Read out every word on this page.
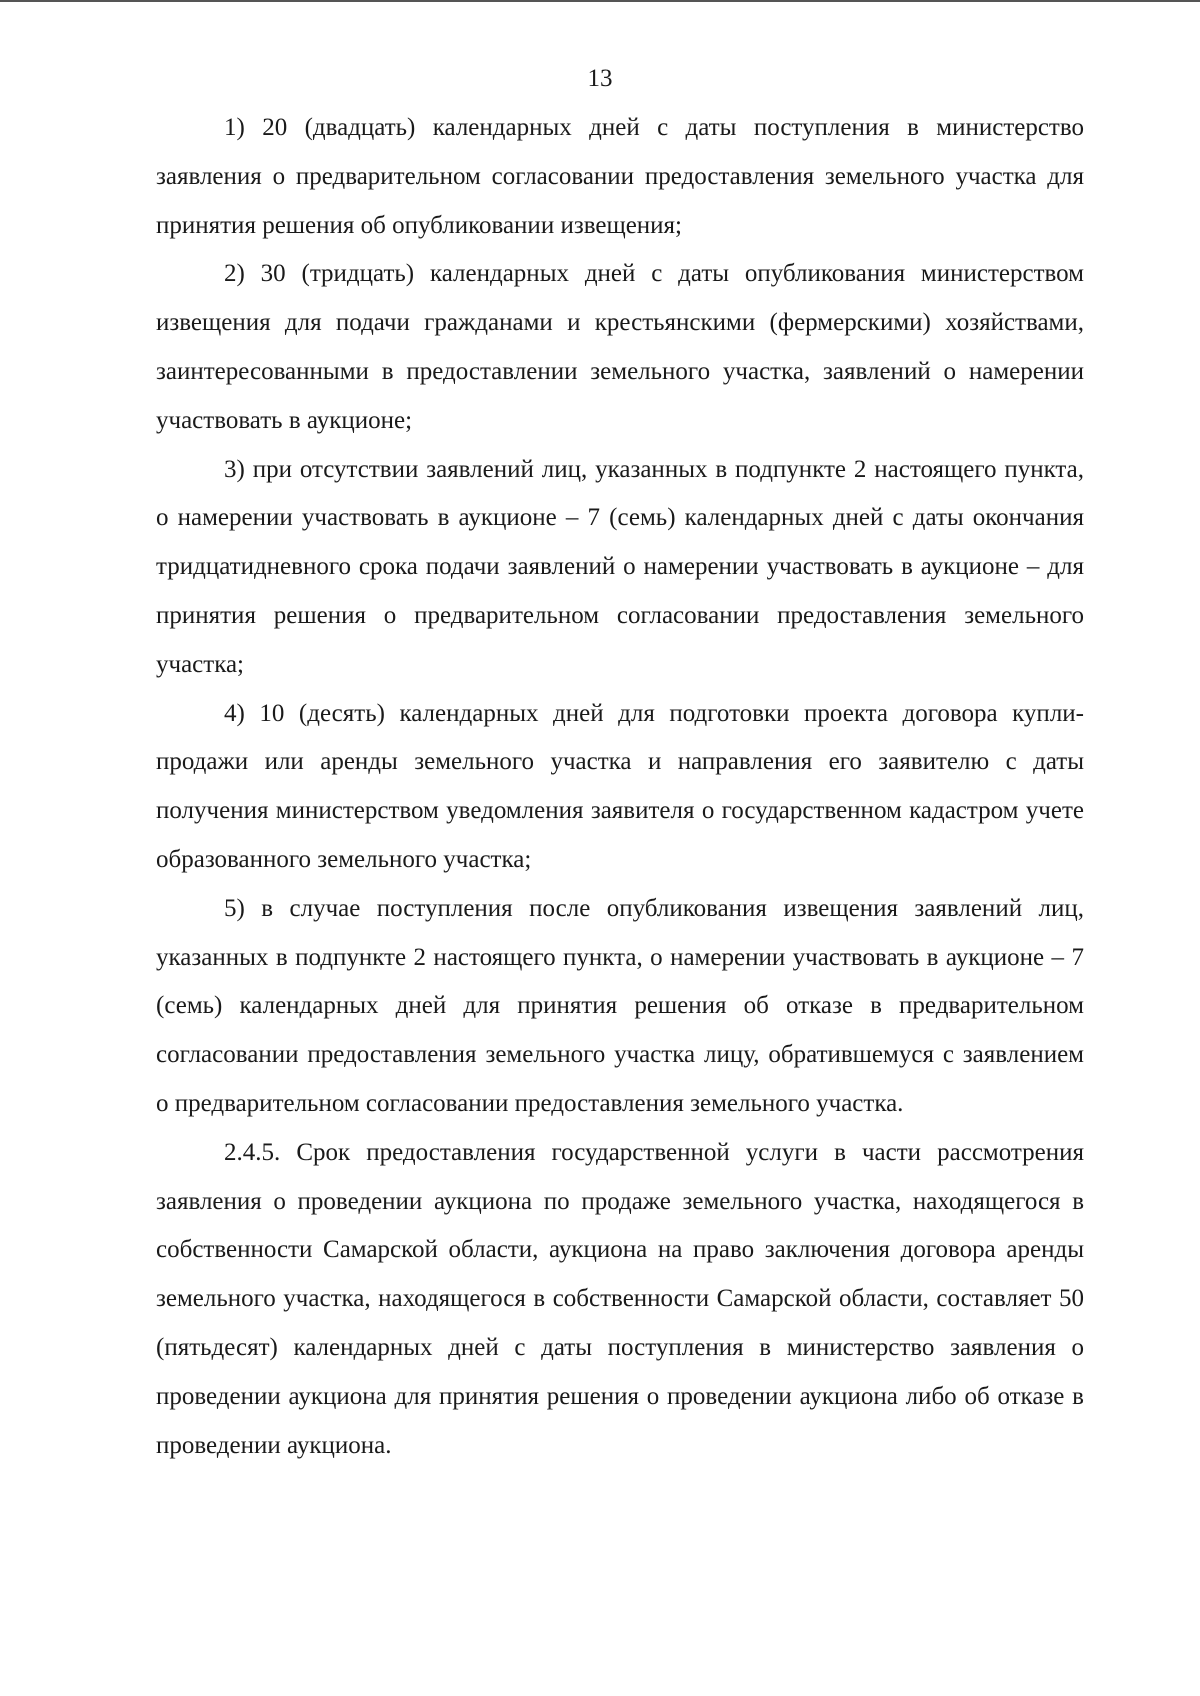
13

1) 20 (двадцать) календарных дней с даты поступления в министерство заявления о предварительном согласовании предоставления земельного участка для принятия решения об опубликовании извещения;

2) 30 (тридцать) календарных дней с даты опубликования министерством извещения для подачи гражданами и крестьянскими (фермерскими) хозяйствами, заинтересованными в предоставлении земельного участка, заявлений о намерении участвовать в аукционе;

3) при отсутствии заявлений лиц, указанных в подпункте 2 настоящего пункта, о намерении участвовать в аукционе – 7 (семь) календарных дней с даты окончания тридцатидневного срока подачи заявлений о намерении участвовать в аукционе – для принятия решения о предварительном согласовании предоставления земельного участка;

4) 10 (десять) календарных дней для подготовки проекта договора купли-продажи или аренды земельного участка и направления его заявителю с даты получения министерством уведомления заявителя о государственном кадастром учете образованного земельного участка;

5) в случае поступления после опубликования извещения заявлений лиц, указанных в подпункте 2 настоящего пункта, о намерении участвовать в аукционе – 7 (семь) календарных дней для принятия решения об отказе в предварительном согласовании предоставления земельного участка лицу, обратившемуся с заявлением о предварительном согласовании предоставления земельного участка.

2.4.5. Срок предоставления государственной услуги в части рассмотрения заявления о проведении аукциона по продаже земельного участка, находящегося в собственности Самарской области, аукциона на право заключения договора аренды земельного участка, находящегося в собственности Самарской области, составляет 50 (пятьдесят) календарных дней с даты поступления в министерство заявления о проведении аукциона для принятия решения о проведении аукциона либо об отказе в проведении аукциона.
